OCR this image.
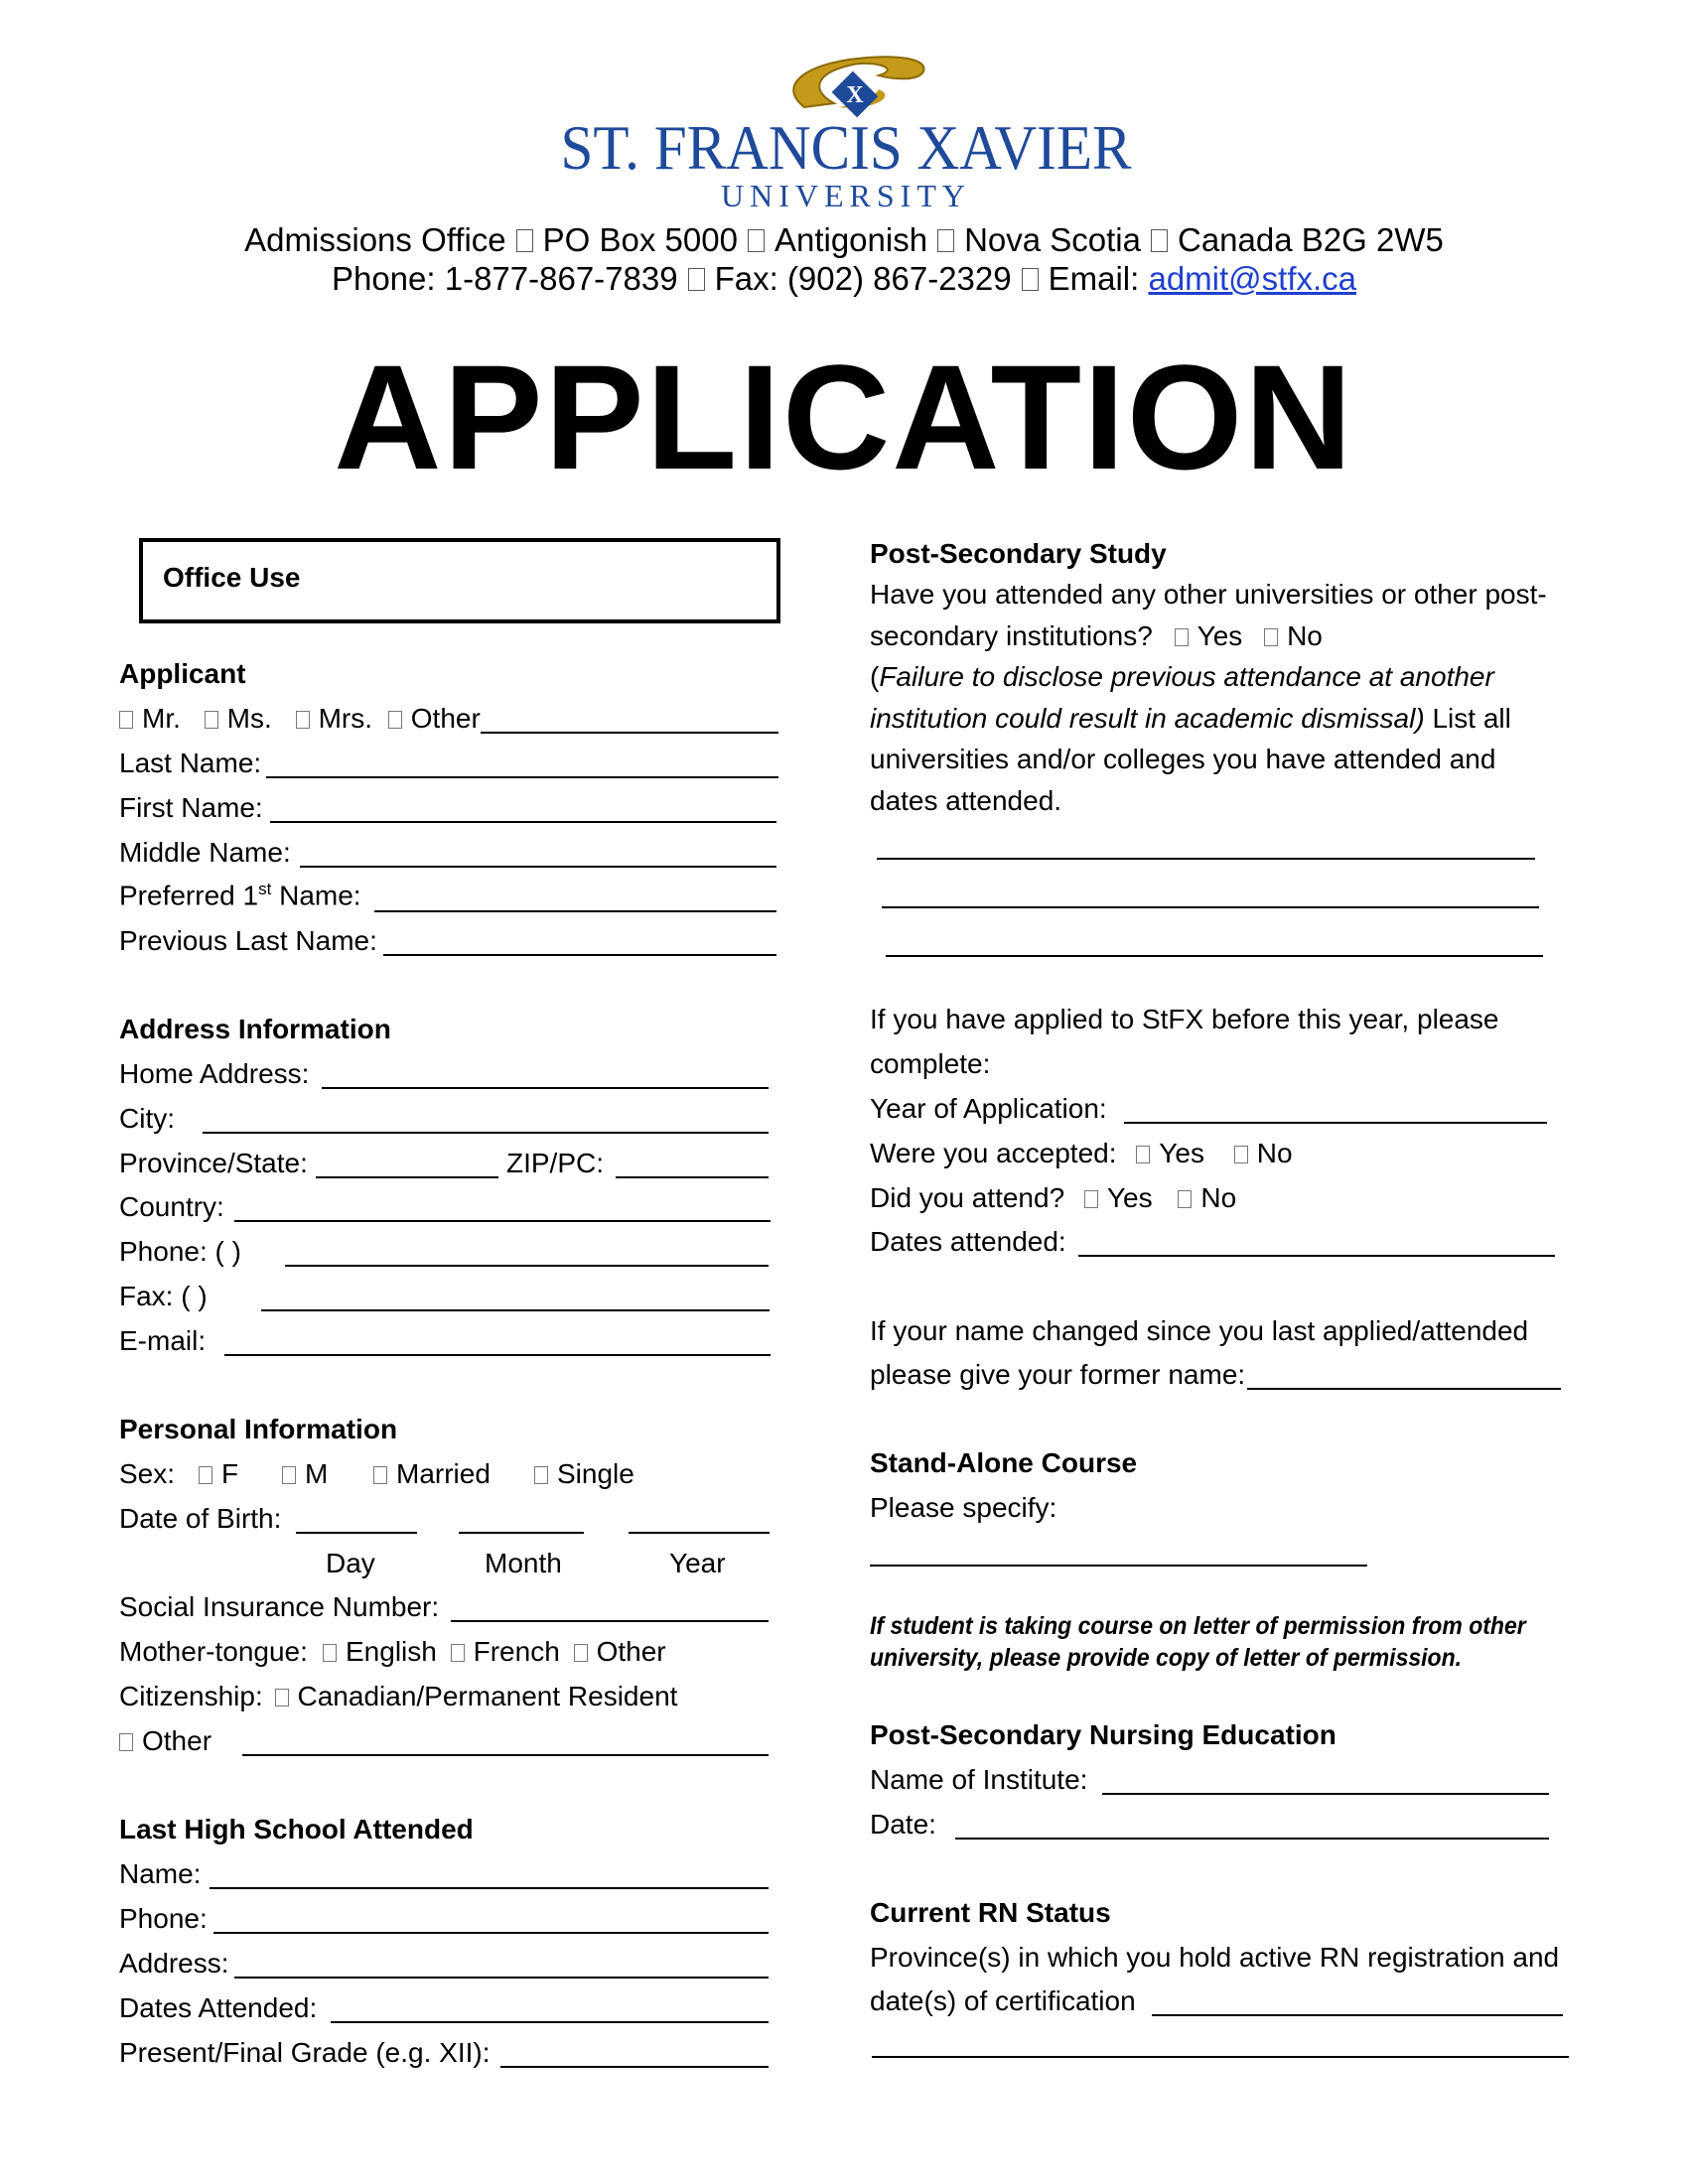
X
ST. FRANCIS XAVIER
UNIVERSITY
Admissions Office PO Box 5000 Antigonish Nova Scotia Canada B2G 2W5
Phone: 1-877-867-7839 Fax: (902) 867-2329 Email: admit@stfx.ca
APPLICATION
Office Use
Applicant
Mr. Ms. Mrs. Other
Last Name:
First Name:
Middle Name:
Preferred 1st Name:
Previous Last Name:
Address Information
Home Address:
City:
Province/State:	ZIP/PC:
Country:
Phone: ( )
Fax: ( )
E-mail:
Personal Information
Sex:	F	M	Married	Single
Date of Birth:
Day	Month	Year
Social Insurance Number:
Mother-tongue:	English French Other
Citizenship: Canadian/Permanent Resident
Other
Last High School Attended
Name:
Phone:
Address:
Dates Attended:
Present/Final Grade (e.g. XII):
Post-Secondary Study
Have you attended any other universities or other post-
secondary institutions? Yes No
(Failure to disclose previous attendance at another
institution could result in academic dismissal) List all
universities and/or colleges you have attended and
dates attended.
If you have applied to StFX before this year, please
complete:
Year of Application:
Were you accepted: Yes No
Did you attend? Yes No
Dates attended:
If your name changed since you last applied/attended
please give your former name:
Stand-Alone Course
Please specify:
If student is taking course on letter of permission from other
university, please provide copy of letter of permission.
Post-Secondary Nursing Education
Name of Institute:
Date:
Current RN Status
Province(s) in which you hold active RN registration and
date(s) of certification
